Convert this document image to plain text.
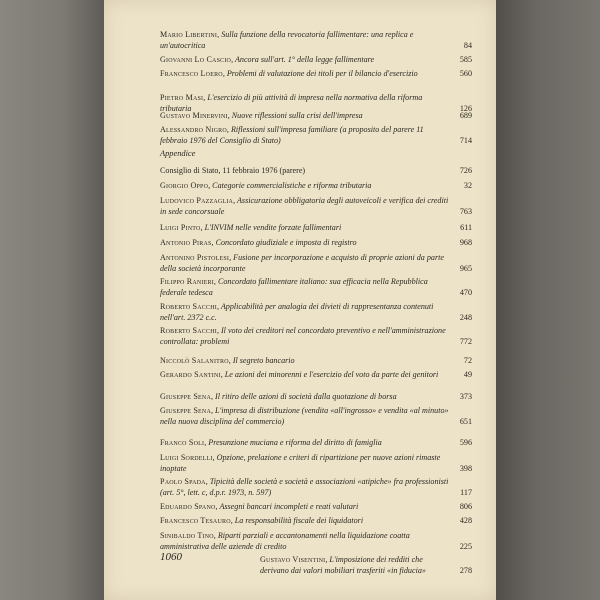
Mario Libertini, Sulla funzione della revocatoria fallimentare: una replica e un'autocritica	84
Giovanni Lo Cascio, Ancora sull'art. 1° della legge fallimentare	585
Francesco Loero, Problemi di valutazione dei titoli per il bilancio d'esercizio	560
Pietro Masi, L'esercizio di più attività di impresa nella normativa della riforma tributaria	126
Gustavo Minervini, Nuove riflessioni sulla crisi dell'impresa	689
Alessandro Nigro, Riflessioni sull'impresa familiare (a proposito del parere 11 febbraio 1976 del Consiglio di Stato)	714
Appendice
Consiglio di Stato, 11 febbraio 1976 (parere)	726
Giorgio Oppo, Categorie commercialistiche e riforma tributaria	32
Ludovico Pazzaglia, Assicurazione obbligatoria degli autoveicoli e verifica dei crediti in sede concorsuale	763
Luigi Pinto, L'INVIM nelle vendite forzate fallimentari	611
Antonio Piras, Concordato giudiziale e imposta di registro	968
Antonino Pistolesi, Fusione per incorporazione e acquisto di proprie azioni da parte della società incorporante	965
Filippo Ranieri, Concordato fallimentare italiano: sua efficacia nella Repubblica federale tedesca	470
Roberto Sacchi, Applicabilità per analogia dei divieti di rappresentanza contenuti nell'art. 2372 c.c.	248
Roberto Sacchi, Il voto dei creditori nel concordato preventivo e nell'amministrazione controllata: problemi	772
Niccolò Salanitro, Il segreto bancario	72
Gerardo Santini, Le azioni dei minorenni e l'esercizio del voto da parte dei genitori	49
Giuseppe Sena, Il ritiro delle azioni di società dalla quotazione di borsa	373
Giuseppe Sena, L'impresa di distribuzione (vendita «all'ingrosso» e vendita «al minuto» nella nuova disciplina del commercio)	651
Franco Soli, Presunzione muciana e riforma del diritto di famiglia	596
Luigi Sordelli, Opzione, prelazione e criteri di ripartizione per nuove azioni rimaste inoptate	398
Paolo Spada, Tipicità delle società e società e associazioni «atipiche» fra professionisti (art. 5°, lett. c, d.p.r. 1973, n. 597)	117
Eduardo Spano, Assegni bancari incompleti e reati valutari	806
Francesco Tesauro, La responsabilità fiscale dei liquidatori	428
Sinibaldo Tino, Riparti parziali e accantonamenti nella liquidazione coatta amministrativa delle aziende di credito	225
Gustavo Visentini, L'imposizione dei redditi che derivano dai valori mobiliari trasferiti «in fiducia»	278
1060
